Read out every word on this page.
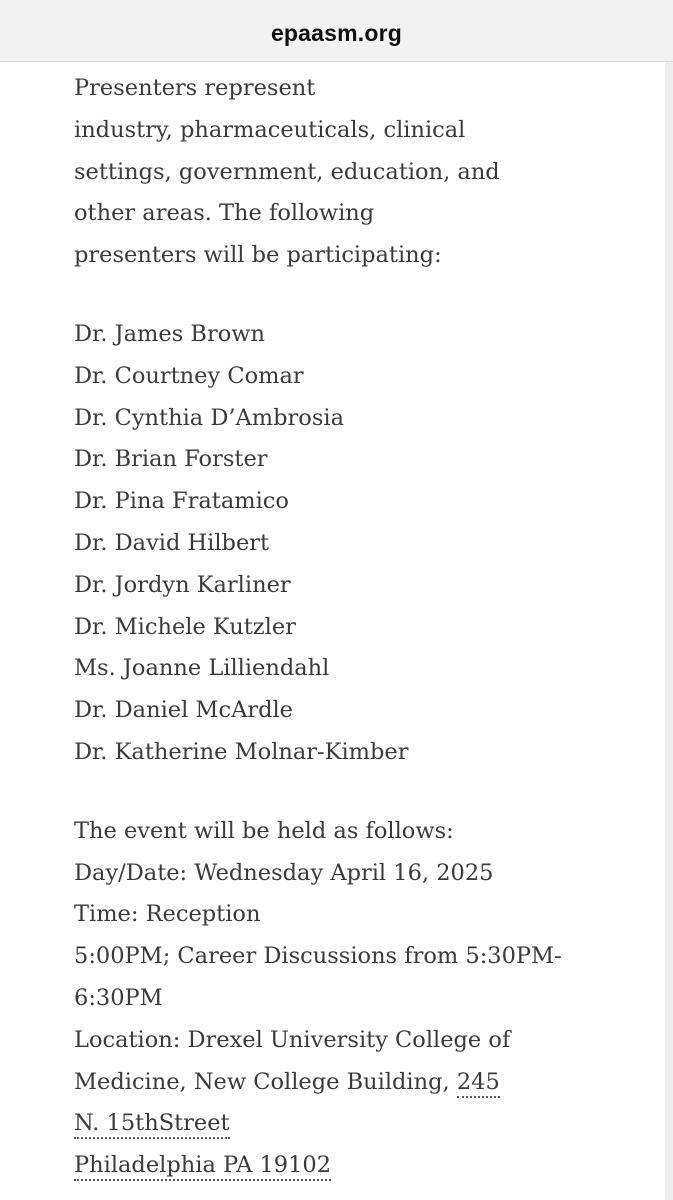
epaasm.org
Presenters represent
industry, pharmaceuticals, clinical
settings, government, education, and
other areas. The following
presenters will be participating:
Dr. James Brown
Dr. Courtney Comar
Dr. Cynthia D’Ambrosia
Dr. Brian Forster
Dr. Pina Fratamico
Dr. David Hilbert
Dr. Jordyn Karliner
Dr. Michele Kutzler
Ms. Joanne Lilliendahl
Dr. Daniel McArdle
Dr. Katherine Molnar-Kimber
The event will be held as follows:
Day/Date: Wednesday April 16, 2025
Time: Reception
5:00PM; Career Discussions from 5:30PM-
6:30PM
Location: Drexel University College of
Medicine, New College Building, 245
N. 15thStreet
Philadelphia PA 19102
